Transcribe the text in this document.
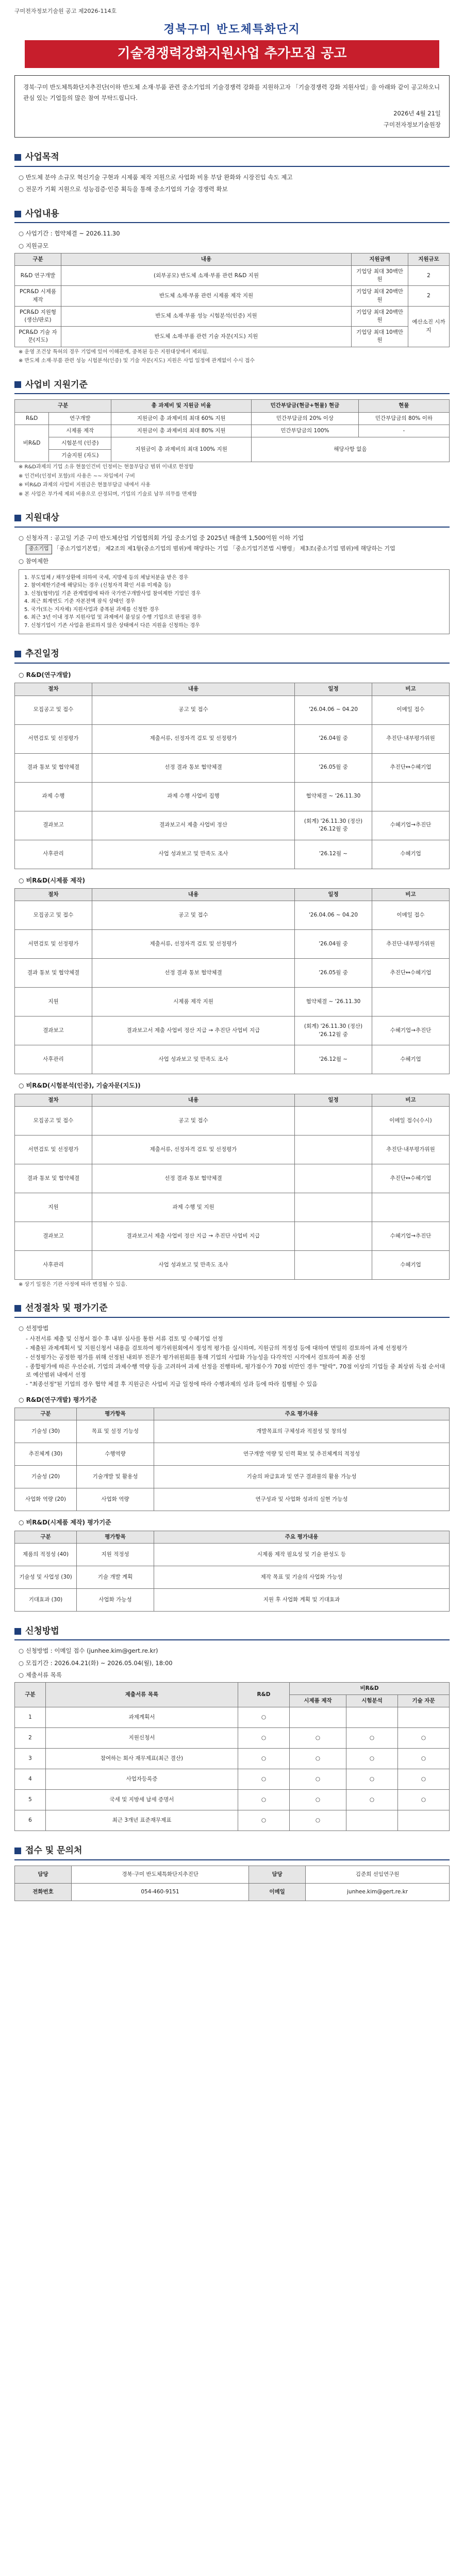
구미전자정보기술원 공고 제2026-114호
경북구미 반도체특화단지
기술경쟁력강화지원사업 추가모집 공고
경북·구미 반도체특화단지추진단(이하 반도체 소재·부품 관련 중소기업의 기술경쟁력 강화를 지원하고자 「기술경쟁력 강화 지원사업」을 아래와 같이 공고하오니 관심 있는 기업들의 많은 참여 부탁드립니다.
2026년 4월 21일
구미전자정보기술원장
사업목적
○ 반도체 분야 소규모 혁신기술 구현과 시제품 제작 지원으로 사업화 비용 부담 완화와 시장진입 속도 제고
○ 전문가 기획 지원으로 성능검증·인증 획득을 통해 중소기업의 기술 경쟁력 확보
사업내용
○ 사업기간 : 협약체결 ~ 2026.11.30
○ 지원규모
구분	내용	지원금액	지원규모
R&D 연구개발	(외부공모) 반도체 소재·부품 관련 R&D 지원	기업당 최대 30백만원	2
PCR&D 시제품 제작	반도체 소재·부품 관련 시제품 제작 지원	기업당 최대 20백만원	2
PCR&D 지원형(생산/판로)	반도체 소재·부품 성능 시험분석(인증) 지원	기업당 최대 20백만원	예산소진 시까지
PCR&D 기술 자문(지도)	반도체 소재·부품 관련 기술 자문(지도) 지원	기업당 최대 10백만원	
※ 운영 조건상 특허의 경우 기업에 있어 이해관계, 중복된 등은 지원대상에서 제외됨.
※ 반도체 소재·부품 관련 성능 시험분석(인증) 및 기술 자문(지도) 지원은 사업 일정에 관계없이 수시 접수
사업비 지원기준
구분		총 과제비 및 지원금 비율	민간부담금(현금+현물) 현금	현물
R&D	연구개발	지원금이 총 과제비의 최대 60% 지원	민간부담금의 20% 이상	민간부담금의 80% 이하
비R&D	시제품 제작	지원금이 총 과제비의 최대 80% 지원	민간부담금의 100%	-
	시험분석 (인증)	지원금이 총 과제비의 최대 100% 지원	해당사항 없음	
	기술지원 (자도)			
※ R&D과제의 기업 소유 현물인건비 인정비는 현물부담금 범위 이내로 한정함
※ 인건비(인정비 포함)의 사용은 ~~ 차입에서 구비
※ 비R&D 과제의 사업비 지원금은 현물부담금 내에서 사용
※ 본 사업은 부가세 제외 비용으로 산정되며, 기업의 기술료 납부 의무를 면제함
지원대상
○ 신청자격 : 공고일 기준 구미 반도체산업 기업협의회 가입 중소기업 중 2025년 매출액 1,500억원 이하 기업
중소기업 「중소기업기본법」 제2조의 제1항(중소기업의 범위)에 해당하는 기업 「중소기업기본법 시행령」 제3조(중소기업 범위)에 해당하는 기업
○ 참여제한
1. 부도업체 / 채무상환에 의하여 국세, 지방세 등의 체납처분을 받은 경우
2. 참여제한기준에 해당되는 경우 (신청자격 확인 서류 미제출 등)
3. 신청(협약)일 기준 관계법령에 따라 국가연구개발사업 참여제한 기업인 경우
4. 최근 회계연도 기준 자본전액 잠식 상태인 경우
5. 국가(또는 지자체) 지원사업과 중복된 과제를 신청한 경우
6. 최근 3년 이내 정부 지원사업 및 과제에서 불성실 수행 기업으로 판정된 경우
7. 신청기업이 기존 사업을 완료하지 않은 상태에서 다른 지원을 신청하는 경우
추진일정
○ R&D(연구개발)
절차	내용	일정	비고
모집공고 및 접수	공고 및 접수	'26.04.06 ~ 04.20	이메일 접수
서면검토 및 선정평가	제출서류, 선정자격 검토 및 선정평가	'26.04월 중	추진단·내부평가위원
결과 통보 및 협약체결	선정 결과 통보 협약체결	'26.05월 중	추진단↔수혜기업
과제 수행	과제 수행 사업비 집행	협약체결 ~ '26.11.30	
결과보고	결과보고서 제출 사업비 정산	(회계) '26.11.30 (정산) '26.12월 중	수혜기업→추진단
사후관리	사업 성과보고 및 만족도 조사	'26.12월 ~	수혜기업
○ 비R&D(시제품 제작)
절차	내용	일정	비고
모집공고 및 접수	공고 및 접수	'26.04.06 ~ 04.20	이메일 접수
서면검토 및 선정평가	제출서류, 선정자격 검토 및 선정평가	'26.04월 중	추진단·내부평가위원
결과 통보 및 협약체결	선정 결과 통보 협약체결	'26.05월 중	추진단↔수혜기업
지원	시제품 제작 지원	협약체결 ~ '26.11.30	
결과보고	결과보고서 제출 사업비 정산 지급 → 추진단 사업비 지급	(회계) '26.11.30 (정산) '26.12월 중	수혜기업→추진단
사후관리	사업 성과보고 및 만족도 조사	'26.12월 ~	수혜기업
○ 비R&D(시험분석(인증), 기술자문(지도))
절차	내용	일정	비고
모집공고 및 접수	공고 및 접수		이메일 접수(수시)
서면검토 및 선정평가	제출서류, 선정자격 검토 및 선정평가		추진단·내부평가위원
결과 통보 및 협약체결	선정 결과 통보 협약체결		추진단↔수혜기업
지원	과제 수행 및 지원		
결과보고	결과보고서 제출 사업비 정산 지급 → 추진단 사업비 지급		수혜기업→추진단
사후관리	사업 성과보고 및 만족도 조사		수혜기업
※ 상기 일정은 기관 사정에 따라 변경될 수 있음.
선정절차 및 평가기준
○ 선정방법
- 사전서류 제출 및 신청서 접수 후 내부 심사를 통한 서류 검토 및 수혜기업 선정
- 제출된 과제계획서 및 지원신청서 내용을 검토하여 평가위원회에서 정성적 평가를 실시하며, 지원금의 적정성 등에 대하여 면밀히 검토하여 과제 선정평가
- 선정평가는 공정한 평가를 위해 선정된 내외부 전문가 평가위원회를 통해 기업의 사업화 가능성을 다각적인 시각에서 검토하여 최종 선정
- 종합평가에 따른 우선순위, 기업의 과제수행 역량 등을 고려하여 과제 선정을 진행하며, 평가점수가 70점 미만인 경우 "탈락", 70점 이상의 기업들 중 최상위 득점 순서대로 예산범위 내에서 선정
- "최종선정"된 기업의 경우 협약 체결 후 지원금은 사업비 지급 일정에 따라 수행과제의 성과 등에 따라 집행될 수 있음
○ R&D(연구개발) 평가기준
구분	평가항목	주요 평가내용
기술성 (30)	목표 및 설정 기능성	개발목표의 구체성과 적절성 및 창의성
추진체계 (30)	수행역량	연구개발 역량 및 인력 확보 및 추진체계의 적정성
기술성 (20)	기술개발 및 활용성	기술의 파급효과 및 연구 결과물의 활용 가능성
사업화 역량 (20)	사업화 역량	연구성과 및 사업화 성과의 실현 가능성
○ 비R&D(시제품 제작) 평가기준
구분	평가항목	주요 평가내용
제품의 적정성 (40)	지원 적정성	시제품 제작 필요성 및 기술 완성도 등
기술성 및 사업성 (30)	기술 개발 계획	제작 목표 및 기술의 사업화 가능성
기대효과 (30)	사업화 가능성	지원 후 사업화 계획 및 기대효과
신청방법
○ 신청방법 : 이메일 접수 (junhee.kim@gert.re.kr)
○ 모집기간 : 2026.04.21(화) ~ 2026.05.04(월), 18:00
○ 제출서류 목록
구분	제출서류 목록	R&D	비R&D		
			시제품 제작	시험분석	기술 자문
1	과제계획서	○			
2	지원신청서	○	○	○	○
3	참여하는 회사 재무제표(최근 결산)	○	○	○	○
4	사업자등록증	○	○	○	○
5	국세 및 지방세 납세 증명서	○	○	○	○
6	최근 3개년 표준재무제표	○	○		
접수 및 문의처
담당	경북·구미 반도체특화단지추진단	담당	김준희 선임연구원
전화번호	054-460-9151	이메일	junhee.kim@gert.re.kr
